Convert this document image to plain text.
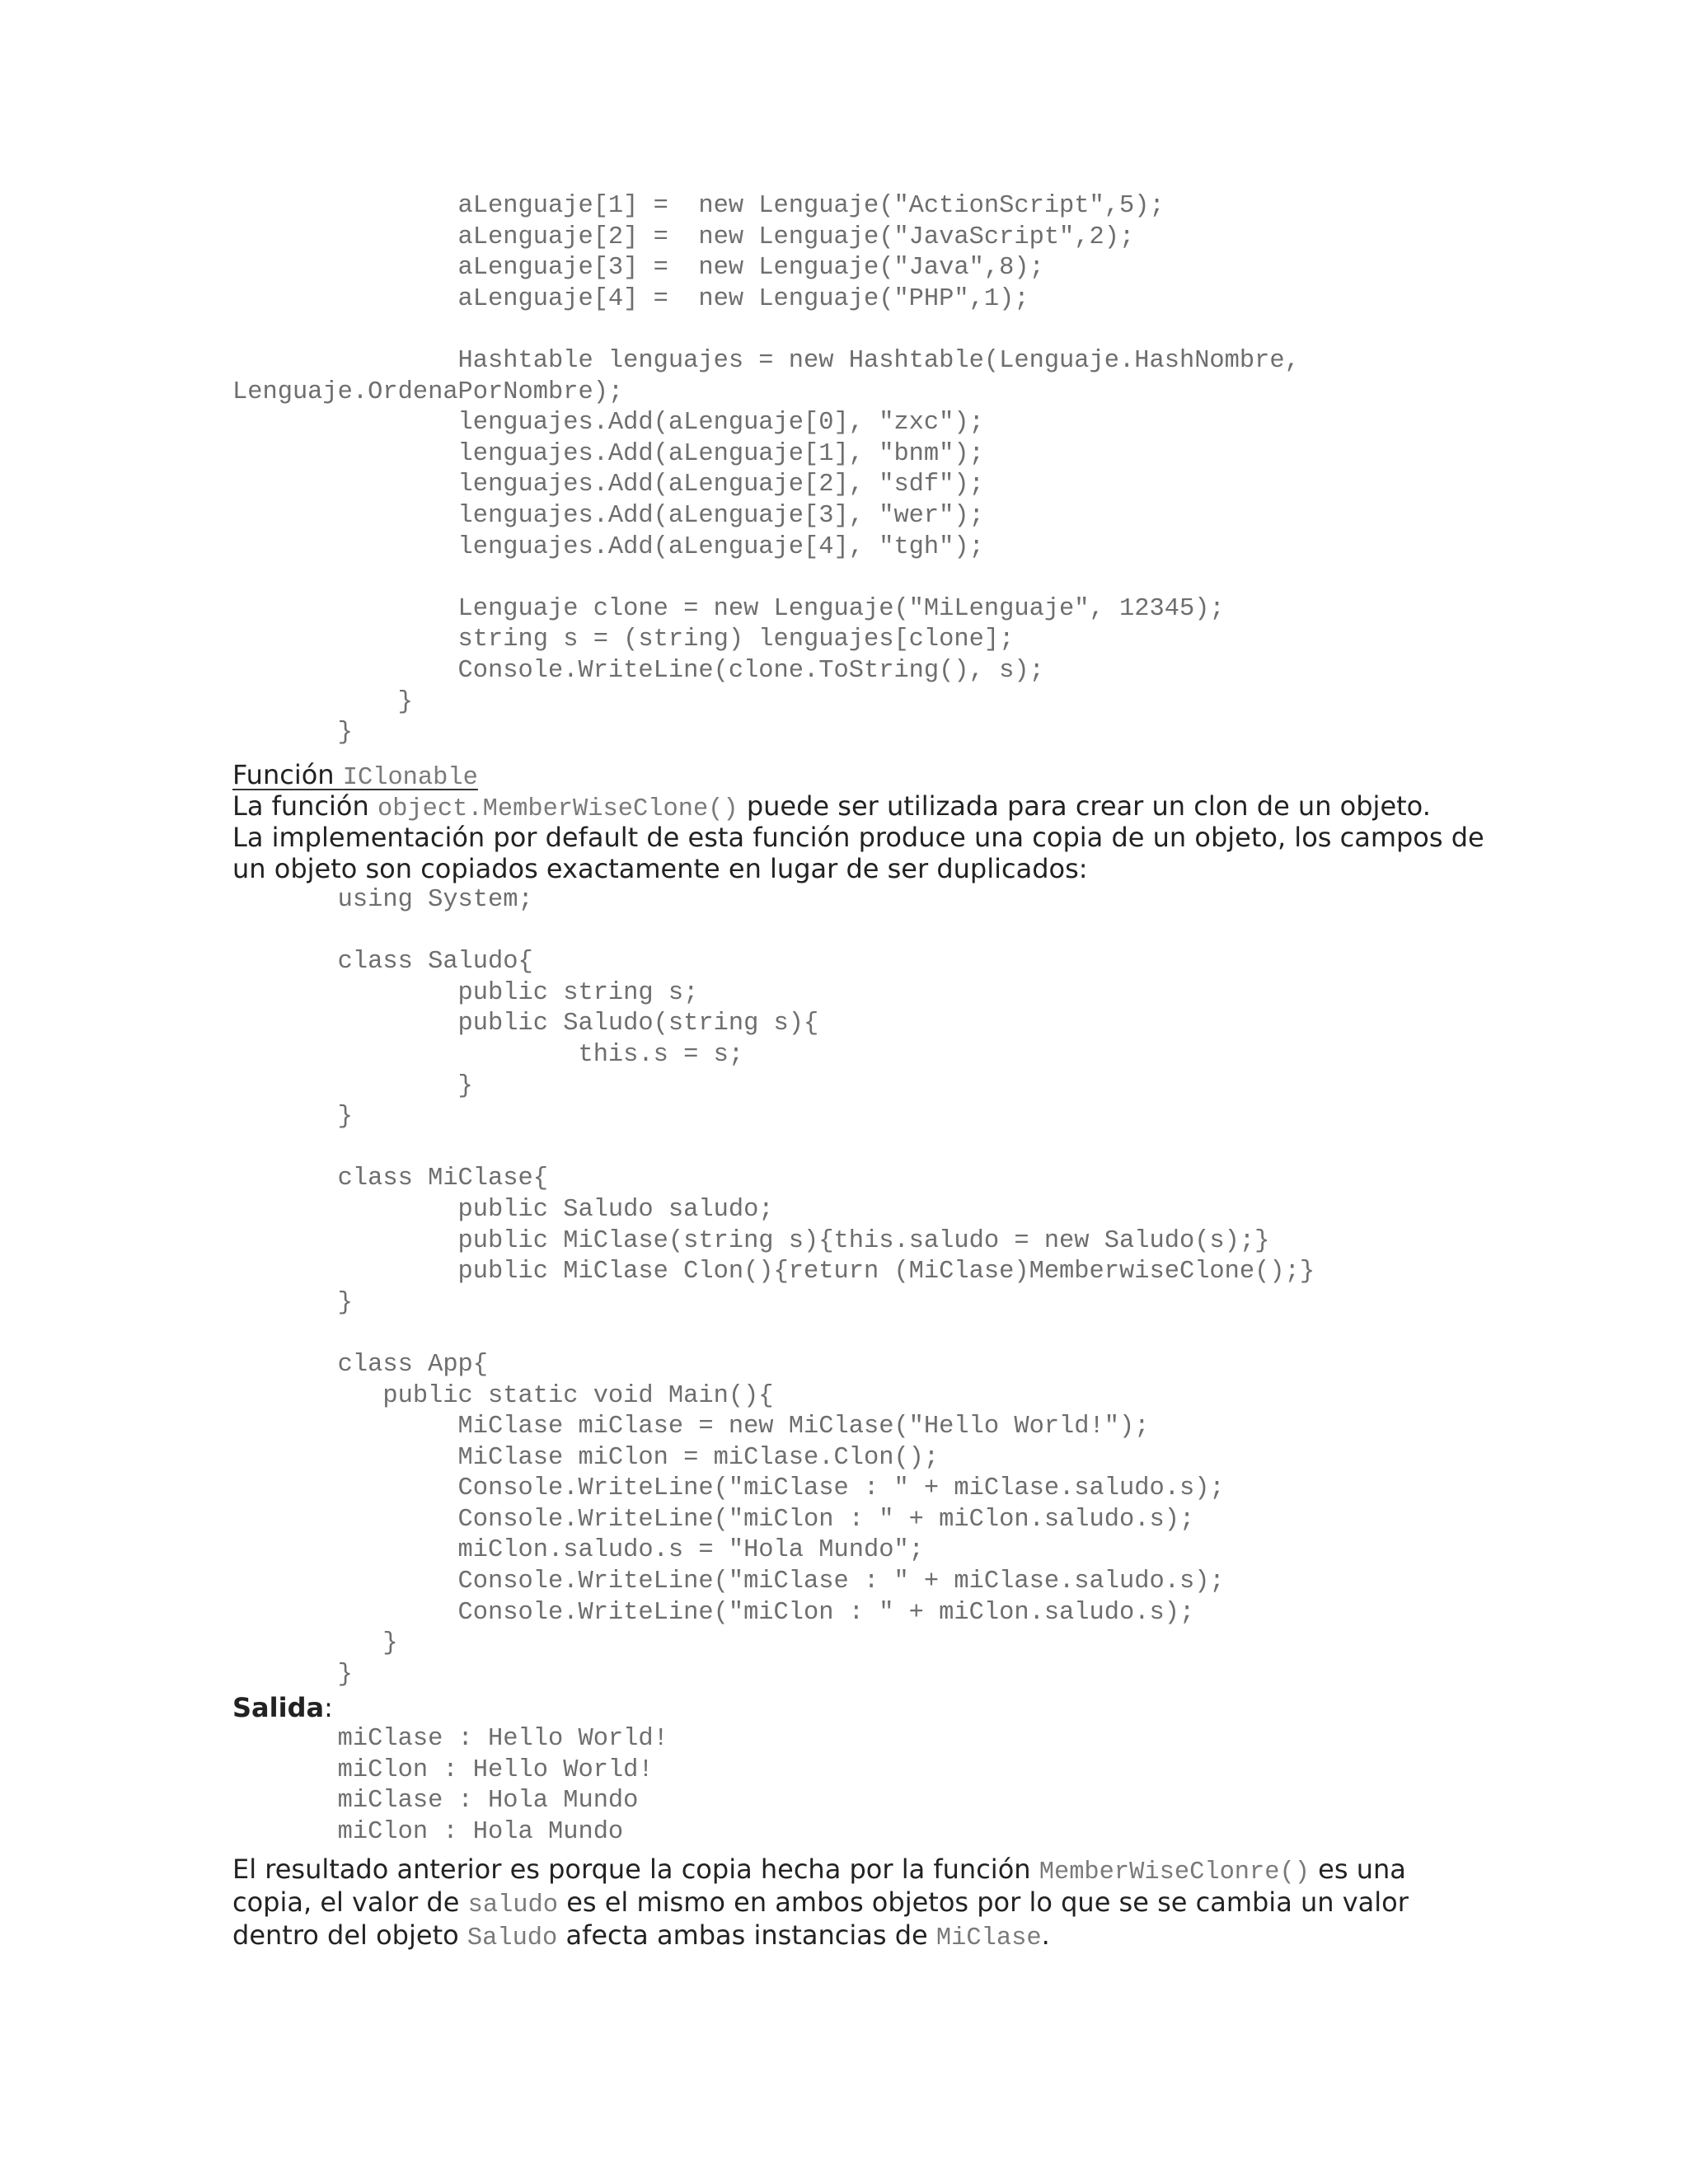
aLenguaje[1] =  new Lenguaje("ActionScript",5);
aLenguaje[2] =  new Lenguaje("JavaScript",2);
aLenguaje[3] =  new Lenguaje("Java",8);
aLenguaje[4] =  new Lenguaje("PHP",1);

Hashtable lenguajes = new Hashtable(Lenguaje.HashNombre,
Lenguaje.OrdenaPorNombre);
lenguajes.Add(aLenguaje[0], "zxc");
lenguajes.Add(aLenguaje[1], "bnm");
lenguajes.Add(aLenguaje[2], "sdf");
lenguajes.Add(aLenguaje[3], "wer");
lenguajes.Add(aLenguaje[4], "tgh");

Lenguaje clone = new Lenguaje("MiLenguaje", 12345);
string s = (string) lenguajes[clone];
Console.WriteLine(clone.ToString(), s);
}
}
Función IClonable
La función object.MemberWiseClone() puede ser utilizada para crear un clon de un objeto.
La implementación por default de esta función produce una copia de un objeto, los campos de
un objeto son copiados exactamente en lugar de ser duplicados:
using System;

class Saludo{
public string s;
public Saludo(string s){
this.s = s;
}
}

class MiClase{
public Saludo saludo;
public MiClase(string s){this.saludo = new Saludo(s);}
public MiClase Clon(){return (MiClase)MemberwiseClone();}
}

class App{
public static void Main(){
MiClase miClase = new MiClase("Hello World!");
MiClase miClon = miClase.Clon();
Console.WriteLine("miClase : " + miClase.saludo.s);
Console.WriteLine("miClon : " + miClon.saludo.s);
miClon.saludo.s = "Hola Mundo";
Console.WriteLine("miClase : " + miClase.saludo.s);
Console.WriteLine("miClon : " + miClon.saludo.s);
}
}
Salida:
miClase : Hello World!
miClon : Hello World!
miClase : Hola Mundo
miClon : Hola Mundo
El resultado anterior es porque la copia hecha por la función MemberWiseClonre() es una
copia, el valor de saludo es el mismo en ambos objetos por lo que se se cambia un valor
dentro del objeto Saludo afecta ambas instancias de MiClase.
